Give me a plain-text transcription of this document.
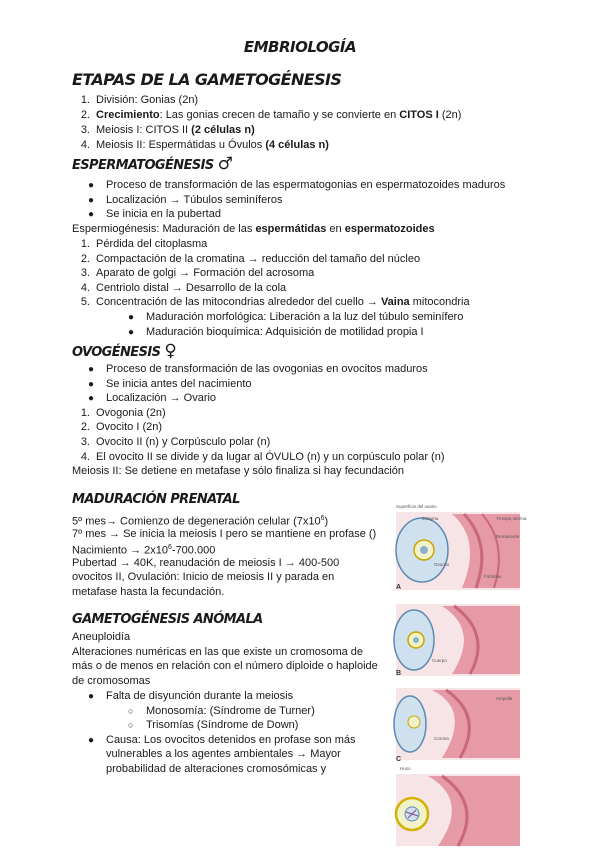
EMBRIOLOGÍA
ETAPAS DE LA GAMETOGÉNESIS
1. División: Gonias (2n)
2. Crecimiento: Las gonias crecen de tamaño y se convierte en CITOS I (2n)
3. Meiosis I: CITOS II (2 células n)
4. Meiosis II: Espermátidas u Óvulos (4 células n)
ESPERMATOGÉNESIS ♂
● Proceso de transformación de las espermatogonias en espermatozoides maduros
● Localización → Túbulos seminíferos
● Se inicia en la pubertad
Espermiogénesis: Maduración de las espermátidas en espermatozoides
1. Pérdida del citoplasma
2. Compactación de la cromatina → reducción del tamaño del núcleo
3. Aparato de golgi → Formación del acrosoma
4. Centriolo distal → Desarrollo de la cola
5. Concentración de las mitocondrias alrededor del cuello → Vaina mitocondria
● Maduración morfológica: Liberación a la luz del túbulo seminífero
● Maduración bioquímica: Adquisición de motilidad propia I
OVOGÉNESIS ♀
● Proceso de transformación de las ovogonias en ovocitos maduros
● Se inicia antes del nacimiento
● Localización → Ovario
1. Ovogonia (2n)
2. Ovocito I (2n)
3. Ovocito II (n) y Corpúsculo polar (n)
4. El ovocito II se divide y da lugar al ÓVULO (n) y un corpúsculo polar (n)
Meiosis II: Se detiene en metafase y sólo finaliza si hay fecundación
MADURACIÓN PRENATAL
5º mes→ Comienzo de degeneración celular $(7x10^6)$
7º mes → Se inicia la meiosis I pero se mantiene en profase ()
Nacimiento → $2x10^6-700.000$
Pubertad → 40K, reanudación de meiosis I → 400-500
ovocitos II, Ovulación: Inicio de meiosis II y parada en
metafase hasta la fecundación.
GAMETOGÉNESIS ANÓMALA
Aneuploidía
Alteraciones numéricas en las que existe un cromosoma de
más o de menos en relación con el número diploide o haploide
de cromosomas
● Falta de disyunción durante la meiosis
○ Monosomía: (Síndrome de Turner)
○ Trisomías (Síndrome de Down)
● Causa: Los ovocitos detenidos en profase son más
vulnerables a los agentes ambientales → Mayor
probabilidad de alteraciones cromosómicas y
Superficie del ovario
Estigma	Trompa uterina
Remanente
Ovocito
Fimbrias
A
B
C
Cuerpo
Corona
Ampolla
Huso
